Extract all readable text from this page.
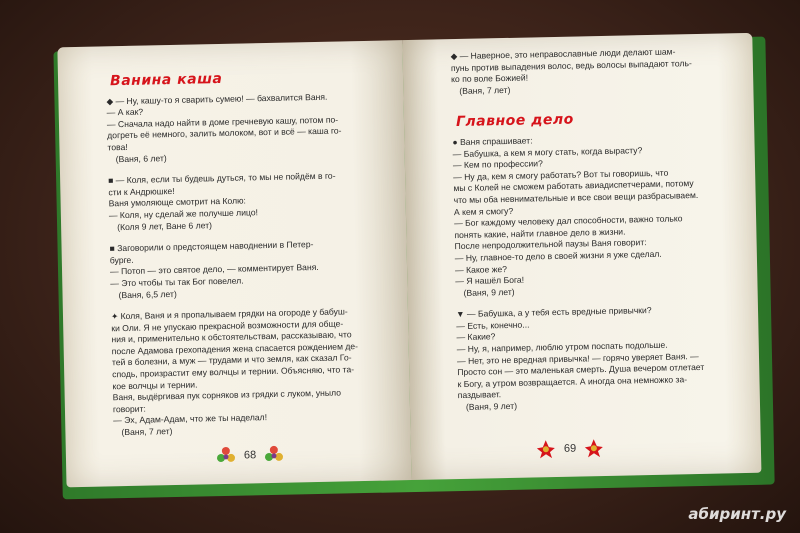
Ванина каша
◆ — Ну, кашу-то я сварить сумею! — бахвалится Ваня.
— А как?
— Сначала надо найти в доме гречневую кашу, потом по-
догреть её немного, залить молоком, вот и всё — каша го-
това!
(Ваня, 6 лет)
■ — Коля, если ты будешь дуться, то мы не пойдём в го-
сти к Андрюшке!
Ваня умоляюще смотрит на Колю:
— Коля, ну сделай же получше лицо!
(Коля 9 лет, Ване 6 лет)
■ Заговорили о предстоящем наводнении в Петер-
бурге.
— Потоп — это святое дело, — комментирует Ваня.
— Это чтобы ты так Бог повелел.
(Ваня, 6,5 лет)
✦ Коля, Ваня и я пропалываем грядки на огороде у бабуш-
ки Оли. Я не упускаю прекрасной возможности для обще-
ния и, применительно к обстоятельствам, рассказываю, что
после Адамова грехопадения жена спасается рождением де-
тей в болезни, а муж — трудами и что земля, как сказал Го-
сподь, произрастит ему волчцы и тернии. Объясняю, что та-
кое волчцы и тернии.
Ваня, выдёргивая пук сорняков из грядки с луком, уныло
говорит:
— Эх, Адам-Адам, что же ты наделал!
(Ваня, 7 лет)
68
◆ — Наверное, это неправославные люди делают шам-
пунь против выпадения волос, ведь волосы выпадают толь-
ко по воле Божией!
(Ваня, 7 лет)
Главное дело
● Ваня спрашивает:
— Бабушка, а кем я могу стать, когда вырасту?
— Кем по профессии?
— Ну да, кем я смогу работать? Вот ты говоришь, что
мы с Колей не сможем работать авиадиспетчерами, потому
что мы оба невнимательные и все свои вещи разбрасываем.
А кем я смогу?
— Бог каждому человеку дал способности, важно только
понять какие, найти главное дело в жизни.
После непродолжительной паузы Ваня говорит:
— Ну, главное-то дело в своей жизни я уже сделал.
— Какое же?
— Я нашёл Бога!
(Ваня, 9 лет)
▼ — Бабушка, а у тебя есть вредные привычки?
— Есть, конечно...
— Какие?
— Ну, я, например, люблю утром поспать подольше.
— Нет, это не вредная привычка! — горячо уверяет Ваня. —
Просто сон — это маленькая смерть. Душа вечером отлетает
к Богу, а утром возвращается. А иногда она немножко за-
паздывает.
(Ваня, 9 лет)
69
абиринт.ру
